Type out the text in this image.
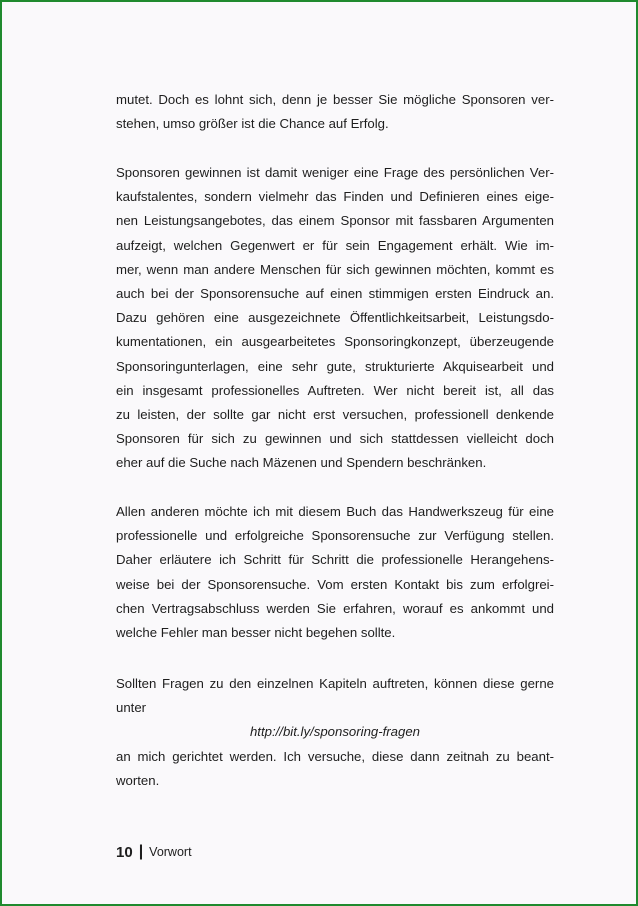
mutet. Doch es lohnt sich, denn je besser Sie mögliche Sponsoren ver-
stehen, umso größer ist die Chance auf Erfolg.
Sponsoren gewinnen ist damit weniger eine Frage des persönlichen Ver-
kaufstalentes, sondern vielmehr das Finden und Definieren eines eige-
nen Leistungsangebotes, das einem Sponsor mit fassbaren Argumenten
aufzeigt, welchen Gegenwert er für sein Engagement erhält. Wie im-
mer, wenn man andere Menschen für sich gewinnen möchten, kommt es
auch bei der Sponsorensuche auf einen stimmigen ersten Eindruck an.
Dazu gehören eine ausgezeichnete Öffentlichkeitsarbeit, Leistungsdo-
kumentationen, ein ausgearbeitetes Sponsoringkonzept, überzeugende
Sponsoringunterlagen, eine sehr gute, strukturierte Akquisearbeit und
ein insgesamt professionelles Auftreten. Wer nicht bereit ist, all das
zu leisten, der sollte gar nicht erst versuchen, professionell denkende
Sponsoren für sich zu gewinnen und sich stattdessen vielleicht doch
eher auf die Suche nach Mäzenen und Spendern beschränken.
Allen anderen möchte ich mit diesem Buch das Handwerkszeug für eine
professionelle und erfolgreiche Sponsorensuche zur Verfügung stellen.
Daher erläutere ich Schritt für Schritt die professionelle Herangehens-
weise bei der Sponsorensuche. Vom ersten Kontakt bis zum erfolgrei-
chen Vertragsabschluss werden Sie erfahren, worauf es ankommt und
welche Fehler man besser nicht begehen sollte.
Sollten Fragen zu den einzelnen Kapiteln auftreten, können diese gerne
unter
http://bit.ly/sponsoring-fragen
an mich gerichtet werden. Ich versuche, diese dann zeitnah zu beant-
worten.
10 | Vorwort
